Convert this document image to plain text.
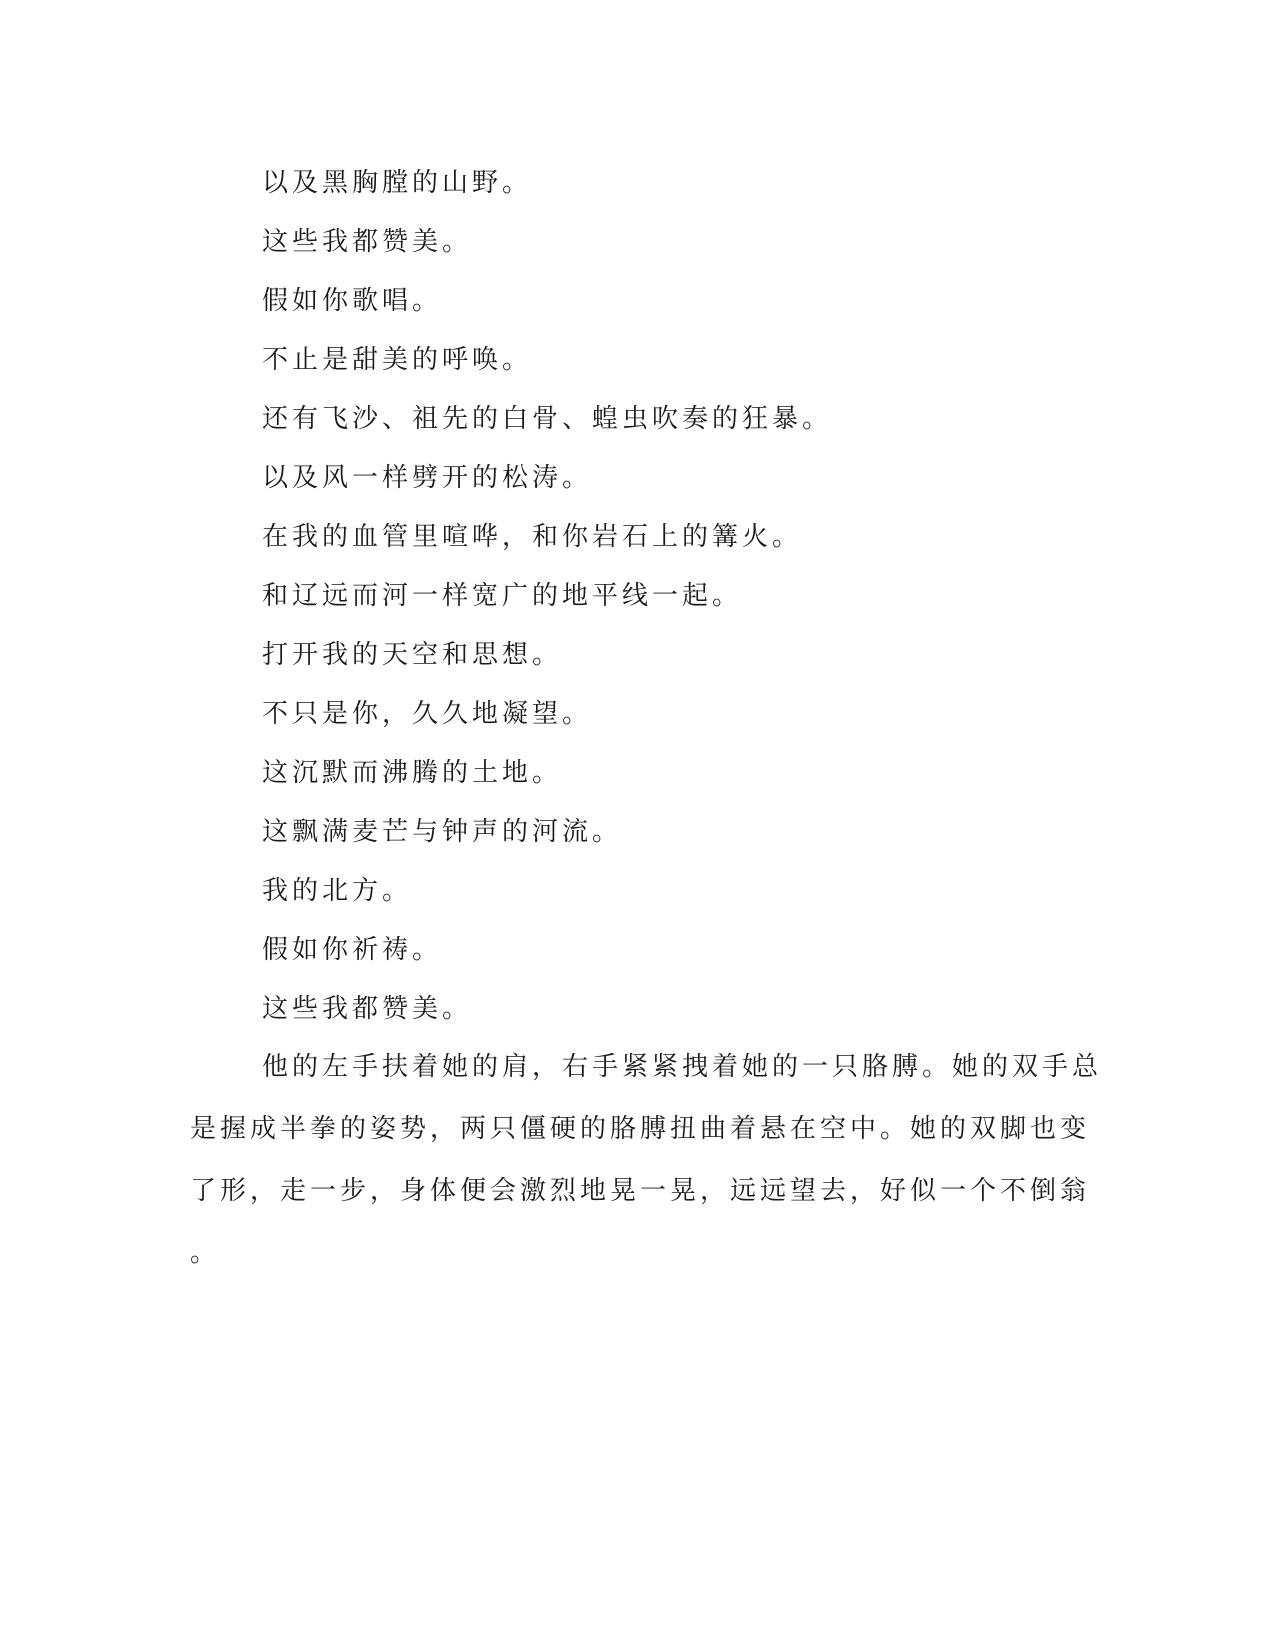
以及黑胸膛的山野。
这些我都赞美。
假如你歌唱。
不止是甜美的呼唤。
还有飞沙、祖先的白骨、蝗虫吹奏的狂暴。
以及风一样劈开的松涛。
在我的血管里喧哗，和你岩石上的篝火。
和辽远而河一样宽广的地平线一起。
打开我的天空和思想。
不只是你，久久地凝望。
这沉默而沸腾的土地。
这飘满麦芒与钟声的河流。
我的北方。
假如你祈祷。
这些我都赞美。
他的左手扶着她的肩，右手紧紧拽着她的一只胳膊。她的双手总
是握成半拳的姿势，两只僵硬的胳膊扭曲着悬在空中。她的双脚也变
了形，走一步，身体便会激烈地晃一晃，远远望去，好似一个不倒翁
。
